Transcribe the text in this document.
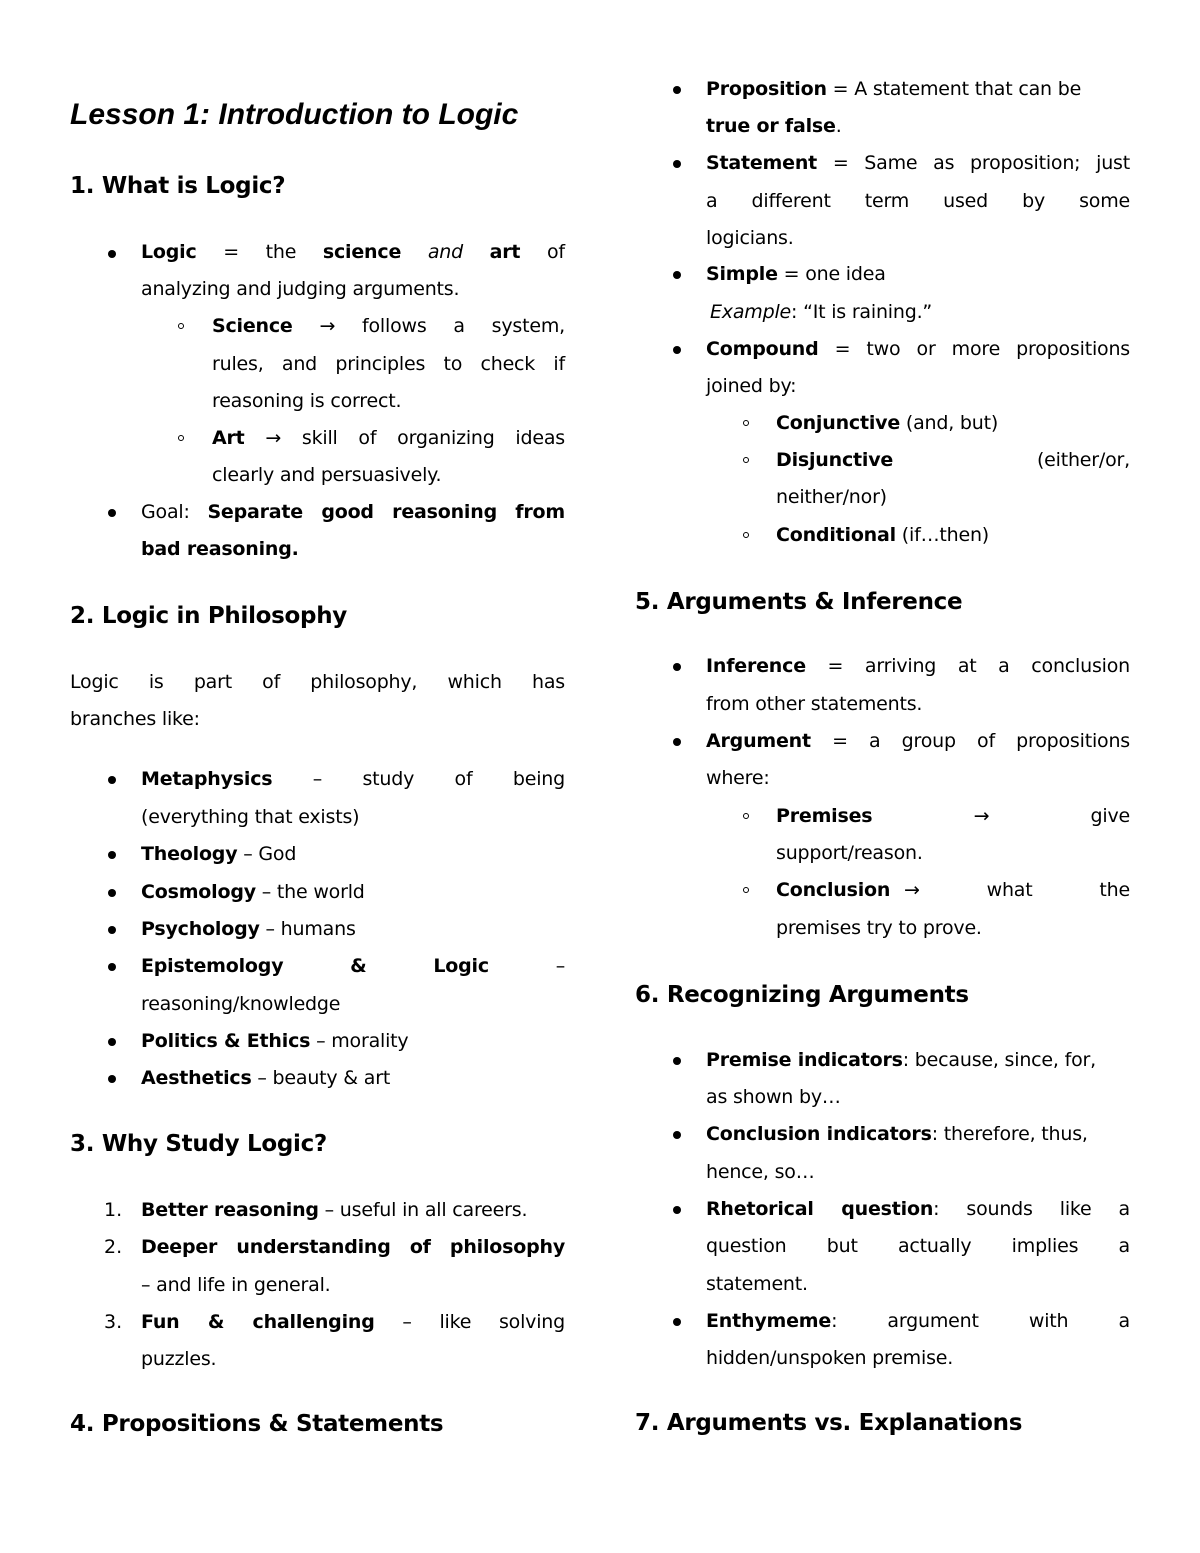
Lesson 1: Introduction to Logic
1. What is Logic?
Logic = the science and art of
analyzing and judging arguments.
Science → follows a system,
rules, and principles to check if
reasoning is correct.
Art → skill of organizing ideas
clearly and persuasively.
Goal: Separate good reasoning from
bad reasoning.
2. Logic in Philosophy
Logic is part of philosophy, which has
branches like:
Metaphysics – study of being
(everything that exists)
Theology – God
Cosmology – the world
Psychology – humans
Epistemology	&	Logic	–
reasoning/knowledge
Politics & Ethics – morality
Aesthetics – beauty & art
3. Why Study Logic?
1. Better reasoning – useful in all careers.
2. Deeper understanding of philosophy
– and life in general.
3. Fun & challenging – like solving
puzzles.
4. Propositions & Statements
Proposition = A statement that can be
true or false.
Statement = Same as proposition; just
a different term used by some
logicians.
Simple = one idea
Example: “It is raining.”
Compound = two or more propositions
joined by:
Conjunctive (and, but)
Disjunctive	(either/or,
neither/nor)
Conditional (if…then)
5. Arguments & Inference
Inference = arriving at a conclusion
from other statements.
Argument = a group of propositions
where:
Premises	→	give
support/reason.
Conclusion → what the
premises try to prove.
6. Recognizing Arguments
Premise indicators: because, since, for,
as shown by…
Conclusion indicators: therefore, thus,
hence, so…
Rhetorical question: sounds like a
question but actually implies a
statement.
Enthymeme: argument with a
hidden/unspoken premise.
7. Arguments vs. Explanations
